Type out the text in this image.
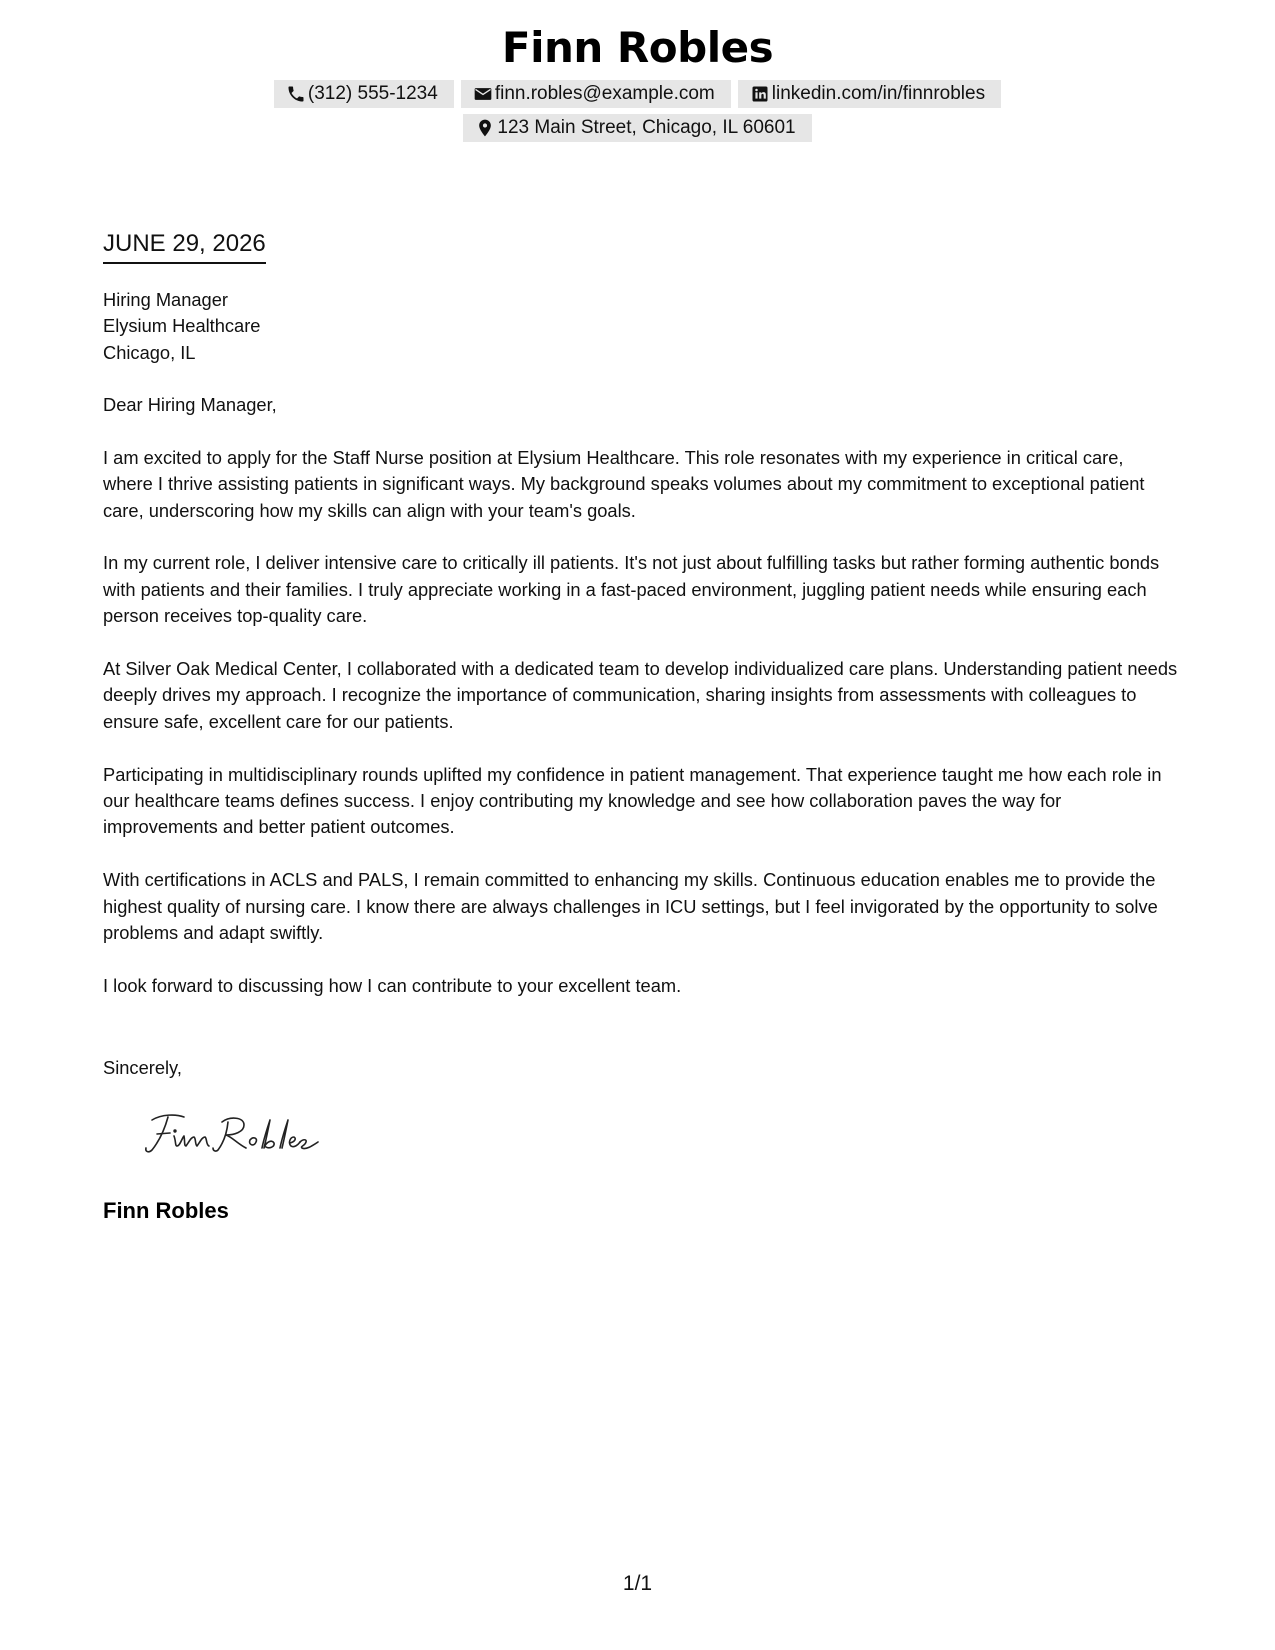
Finn Robles
(312) 555-1234	finn.robles@example.com	linkedin.com/in/finnrobles
123 Main Street, Chicago, IL 60601
JUNE 29, 2026
Hiring Manager
Elysium Healthcare
Chicago, IL

Dear Hiring Manager,

I am excited to apply for the Staff Nurse position at Elysium Healthcare. This role resonates with my experience in critical care, where I thrive assisting patients in significant ways. My background speaks volumes about my commitment to exceptional patient care, underscoring how my skills can align with your team's goals.

In my current role, I deliver intensive care to critically ill patients. It's not just about fulfilling tasks but rather forming authentic bonds with patients and their families. I truly appreciate working in a fast-paced environment, juggling patient needs while ensuring each person receives top-quality care.

At Silver Oak Medical Center, I collaborated with a dedicated team to develop individualized care plans. Understanding patient needs deeply drives my approach. I recognize the importance of communication, sharing insights from assessments with colleagues to ensure safe, excellent care for our patients.

Participating in multidisciplinary rounds uplifted my confidence in patient management. That experience taught me how each role in our healthcare teams defines success. I enjoy contributing my knowledge and see how collaboration paves the way for improvements and better patient outcomes.

With certifications in ACLS and PALS, I remain committed to enhancing my skills. Continuous education enables me to provide the highest quality of nursing care. I know there are always challenges in ICU settings, but I feel invigorated by the opportunity to solve problems and adapt swiftly.

I look forward to discussing how I can contribute to your excellent team.

Sincerely,
Finn Robles
1/1
